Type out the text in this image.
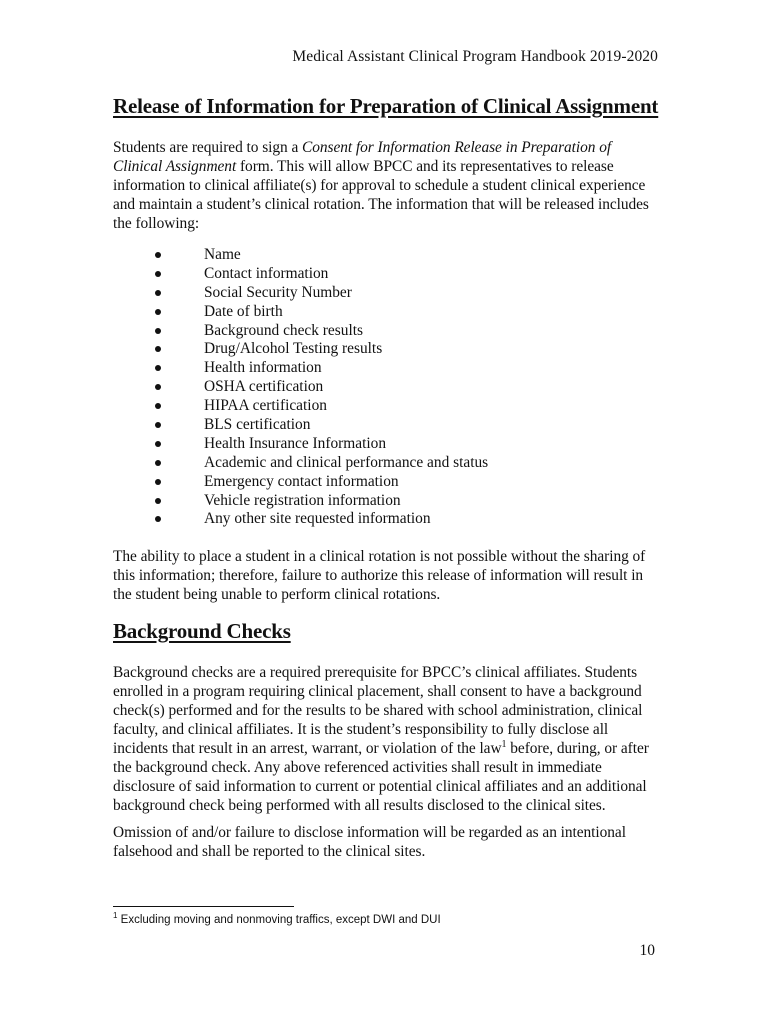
Medical Assistant Clinical Program Handbook 2019-2020
Release of Information for Preparation of Clinical Assignment

Students are required to sign a Consent for Information Release in Preparation of Clinical Assignment form. This will allow BPCC and its representatives to release information to clinical affiliate(s) for approval to schedule a student clinical experience and maintain a student’s clinical rotation. The information that will be released includes the following:

Name
Contact information
Social Security Number
Date of birth
Background check results
Drug/Alcohol Testing results
Health information
OSHA certification
HIPAA certification
BLS certification
Health Insurance Information
Academic and clinical performance and status
Emergency contact information
Vehicle registration information
Any other site requested information

The ability to place a student in a clinical rotation is not possible without the sharing of this information; therefore, failure to authorize this release of information will result in the student being unable to perform clinical rotations.

Background Checks

Background checks are a required prerequisite for BPCC’s clinical affiliates. Students enrolled in a program requiring clinical placement, shall consent to have a background check(s) performed and for the results to be shared with school administration, clinical faculty, and clinical affiliates. It is the student’s responsibility to fully disclose all incidents that result in an arrest, warrant, or violation of the law$^1$ before, during, or after the background check. Any above referenced activities shall result in immediate disclosure of said information to current or potential clinical affiliates and an additional background check being performed with all results disclosed to the clinical sites.

Omission of and/or failure to disclose information will be regarded as an intentional falsehood and shall be reported to the clinical sites.

$^1$ Excluding moving and nonmoving traffics, except DWI and DUI
10
